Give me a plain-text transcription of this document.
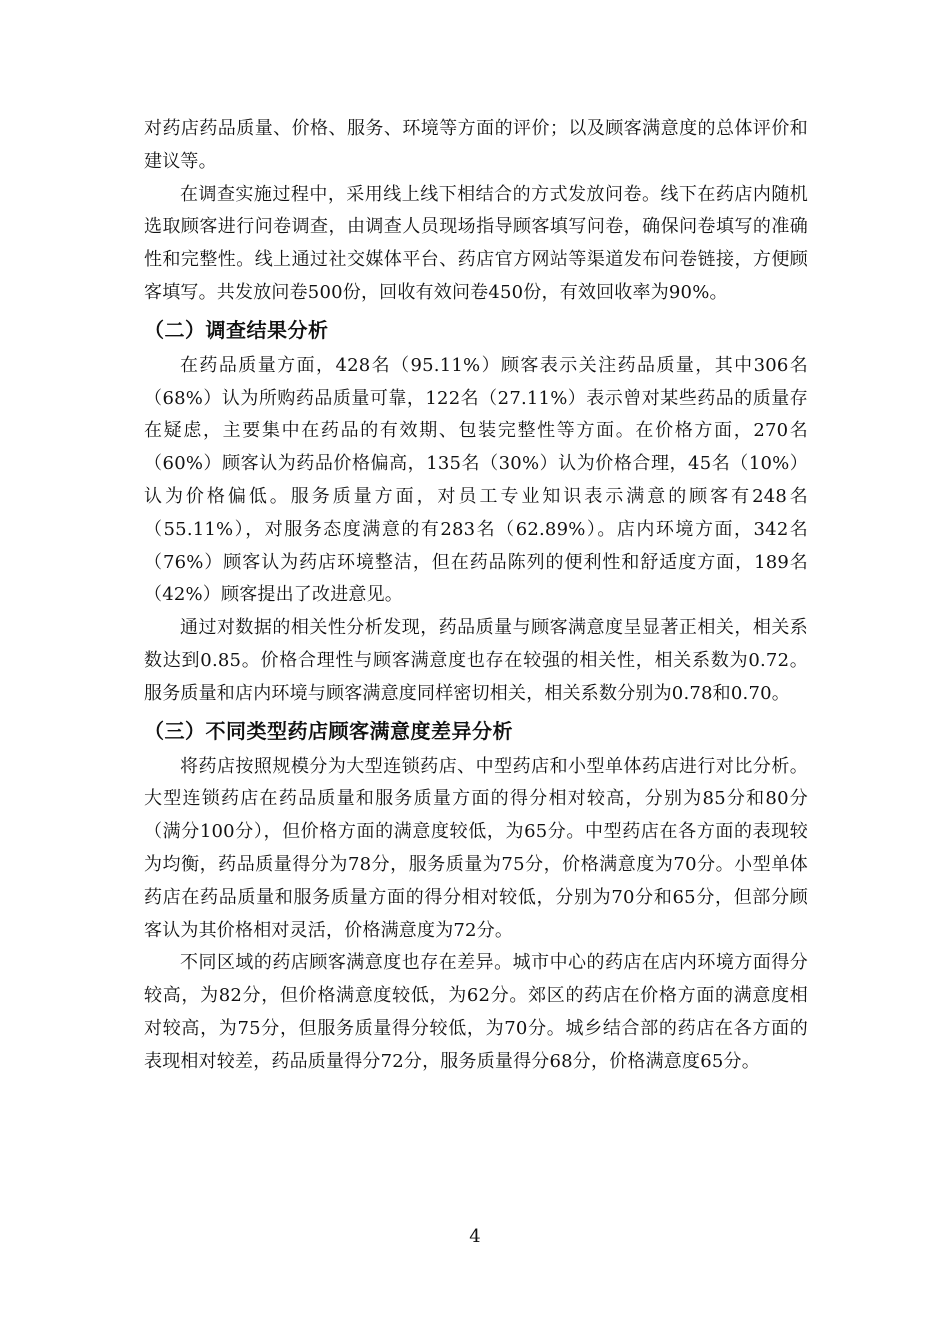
对药店药品质量、价格、服务、环境等方面的评价；以及顾客满意度的总体评价和建议等。

在调查实施过程中，采用线上线下相结合的方式发放问卷。线下在药店内随机选取顾客进行问卷调查，由调查人员现场指导顾客填写问卷，确保问卷填写的准确性和完整性。线上通过社交媒体平台、药店官方网站等渠道发布问卷链接，方便顾客填写。共发放问卷500份，回收有效问卷450份，有效回收率为90%。

（二）调查结果分析

在药品质量方面，428名（95.11%）顾客表示关注药品质量，其中306名（68%）认为所购药品质量可靠，122名（27.11%）表示曾对某些药品的质量存在疑虑，主要集中在药品的有效期、包装完整性等方面。在价格方面，270名（60%）顾客认为药品价格偏高，135名（30%）认为价格合理，45名（10%）认为价格偏低。服务质量方面，对员工专业知识表示满意的顾客有248名（55.11%），对服务态度满意的有283名（62.89%）。店内环境方面，342名（76%）顾客认为药店环境整洁，但在药品陈列的便利性和舒适度方面，189名（42%）顾客提出了改进意见。

通过对数据的相关性分析发现，药品质量与顾客满意度呈显著正相关，相关系数达到0.85。价格合理性与顾客满意度也存在较强的相关性，相关系数为0.72。服务质量和店内环境与顾客满意度同样密切相关，相关系数分别为0.78和0.70。

（三）不同类型药店顾客满意度差异分析

将药店按照规模分为大型连锁药店、中型药店和小型单体药店进行对比分析。大型连锁药店在药品质量和服务质量方面的得分相对较高，分别为85分和80分（满分100分），但价格方面的满意度较低，为65分。中型药店在各方面的表现较为均衡，药品质量得分为78分，服务质量为75分，价格满意度为70分。小型单体药店在药品质量和服务质量方面的得分相对较低，分别为70分和65分，但部分顾客认为其价格相对灵活，价格满意度为72分。

不同区域的药店顾客满意度也存在差异。城市中心的药店在店内环境方面得分较高，为82分，但价格满意度较低，为62分。郊区的药店在价格方面的满意度相对较高，为75分，但服务质量得分较低，为70分。城乡结合部的药店在各方面的表现相对较差，药品质量得分72分，服务质量得分68分，价格满意度65分。

4
